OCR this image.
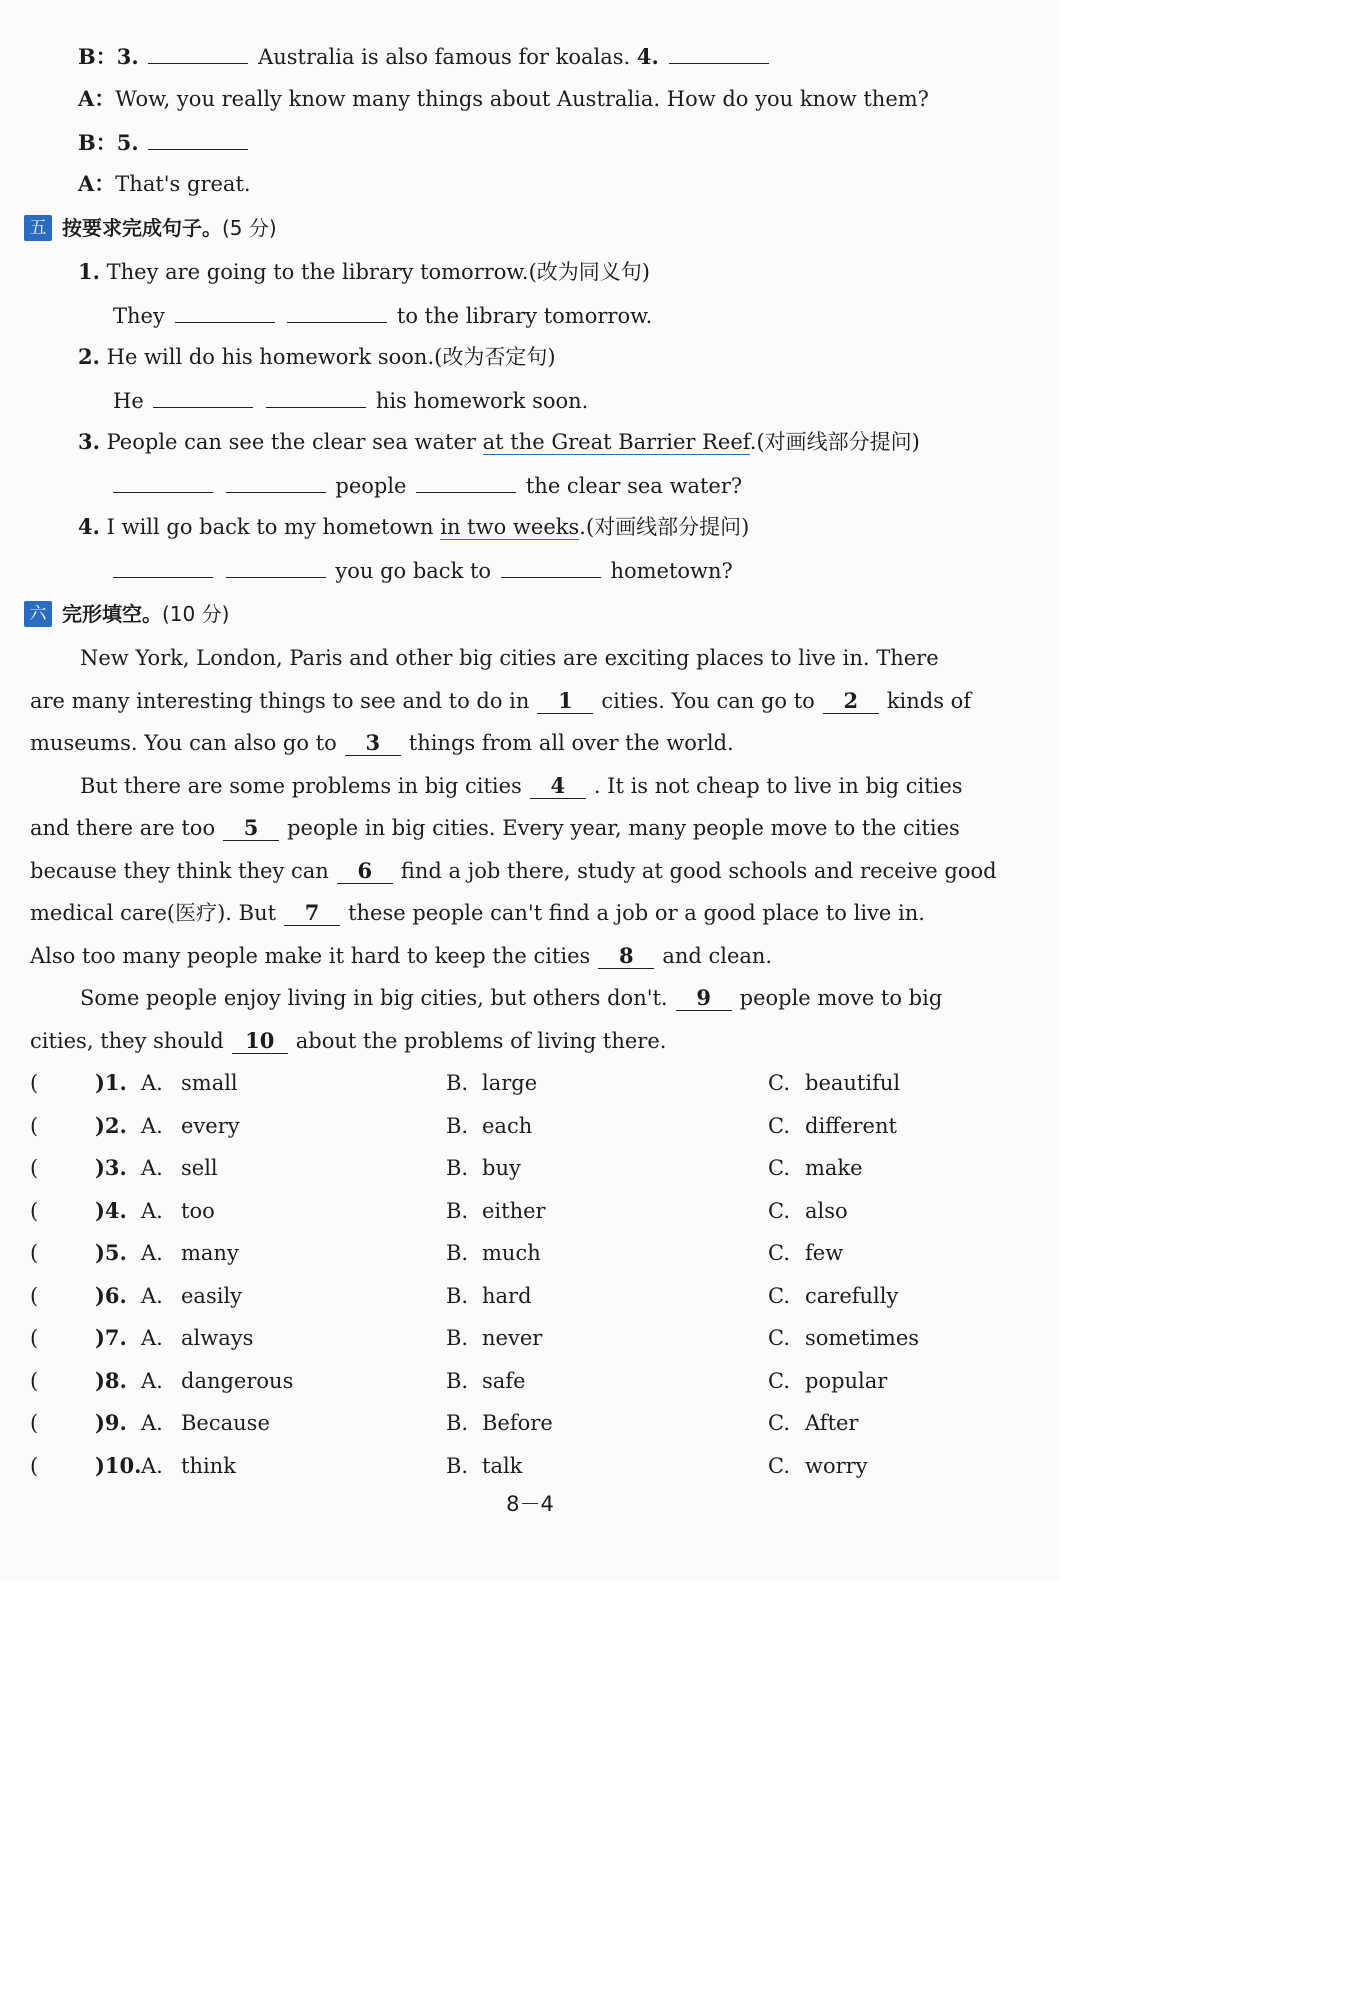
B：3.	Australia is also famous for koalas. 4.
A：Wow, you really know many things about Australia. How do you know them?
B：5.
A：That's great.
五 按要求完成句子。(5 分)
1. They are going to the library tomorrow.(改为同义句)
They	to the library tomorrow.
2. He will do his homework soon.(改为否定句)
He	his homework soon.
3. People can see the clear sea water at the Great Barrier Reef.(对画线部分提问)
people	the clear sea water?
4. I will go back to my hometown in two weeks.(对画线部分提问)
you go back to	hometown?
六 完形填空。(10 分)
New York, London, Paris and other big cities are exciting places to live in. There
are many interesting things to see and to do in 1 cities. You can go to 2 kinds of
museums. You can also go to 3 things from all over the world.
But there are some problems in big cities 4 . It is not cheap to live in big cities
and there are too 5 people in big cities. Every year, many people move to the cities
because they think they can 6 find a job there, study at good schools and receive good
medical care(医疗). But 7 these people can't find a job or a good place to live in.
Also too many people make it hard to keep the cities 8 and clean.
Some people enjoy living in big cities, but others don't. 9 people move to big
cities, they should 10 about the problems of living there.
(	)1. A. small	B. large	C. beautiful
(	)2. A. every	B. each	C. different
(	)3. A. sell	B. buy	C. make
(	)4. A. too	B. either	C. also
(	)5. A. many	B. much	C. few
(	)6. A. easily	B. hard	C. carefully
(	)7. A. always	B. never	C. sometimes
(	)8. A. dangerous	B. safe	C. popular
(	)9. A. Because	B. Before	C. After
(	)10. A. think	B. talk	C. worry
8－4
